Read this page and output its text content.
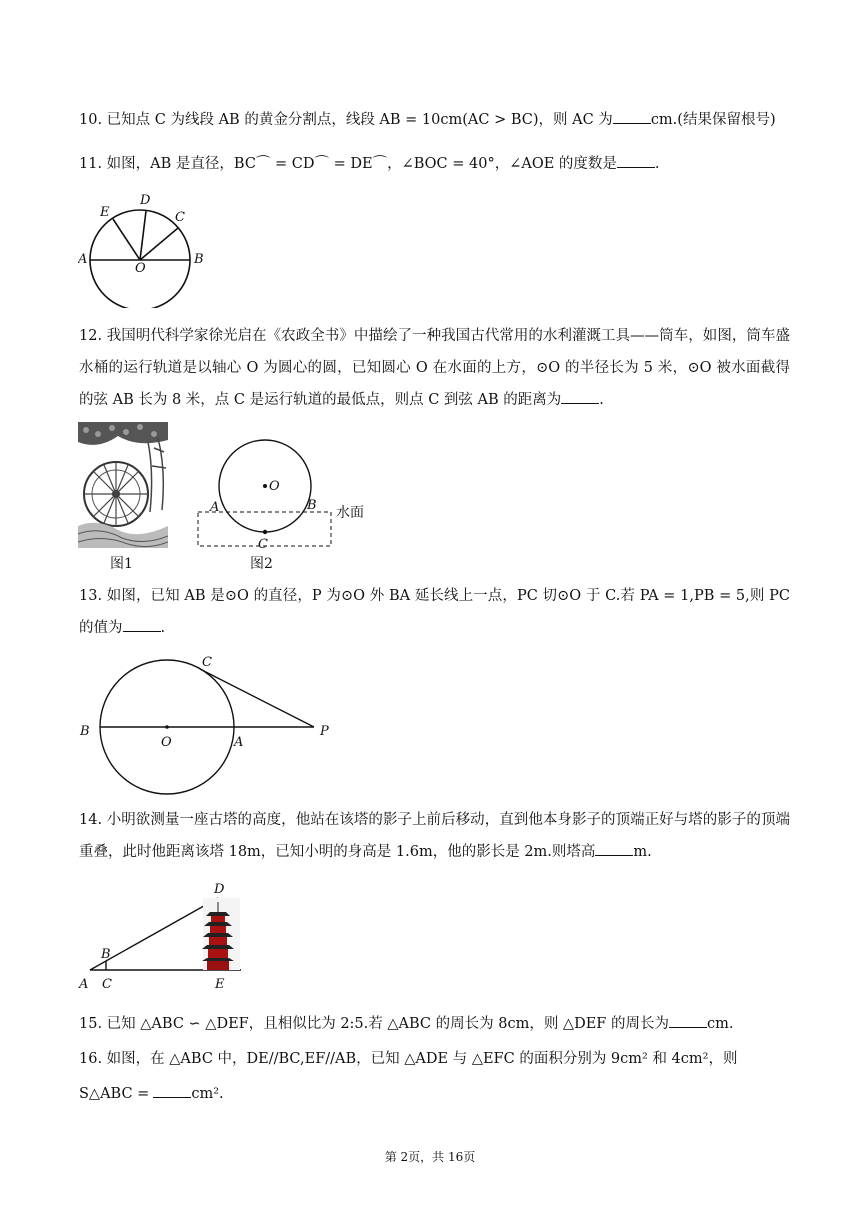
10. 已知点 C 为线段 AB 的黄金分割点，线段 AB = 10cm(AC > BC)，则 AC 为	cm.(结果保留根号)
11. 如图，AB 是直径，BC⌒ = CD⌒ = DE⌒，∠BOC = 40°，∠AOE 的度数是	.
E
D
C
A
O
B
12. 我国明代科学家徐光启在《农政全书》中描绘了一种我国古代常用的水利灌溉工具——筒车，如图，筒车盛水桶的运行轨道是以轴心 O 为圆心的圆，已知圆心 O 在水面的上方，⊙O 的半径长为 5 米，⊙O 被水面截得的弦 AB 长为 8 米，点 C 是运行轨道的最低点，则点 C 到弦 AB 的距离为	.
O
A	B
C
水面
图1	图2
13. 如图，已知 AB 是⊙O 的直径，P 为⊙O 外 BA 延长线上一点，PC 切⊙O 于 C.若 PA = 1,PB = 5,则 PC 的值为	.
C
B
O	A
P
14. 小明欲测量一座古塔的高度，他站在该塔的影子上前后移动，直到他本身影子的顶端正好与塔的影子的顶端重叠，此时他距离该塔 18m，已知小明的身高是 1.6m，他的影长是 2m.则塔高	m.
D
B
A C	E
15. 已知 △ABC ∽ △DEF，且相似比为 2:5.若 △ABC 的周长为 8cm，则 △DEF 的周长为	cm.
16. 如图，在 △ABC 中，DE//BC,EF//AB，已知 △ADE 与 △EFC 的面积分别为 9cm² 和 4cm²，则
S△ABC =	cm².
第 2页，共 16页
